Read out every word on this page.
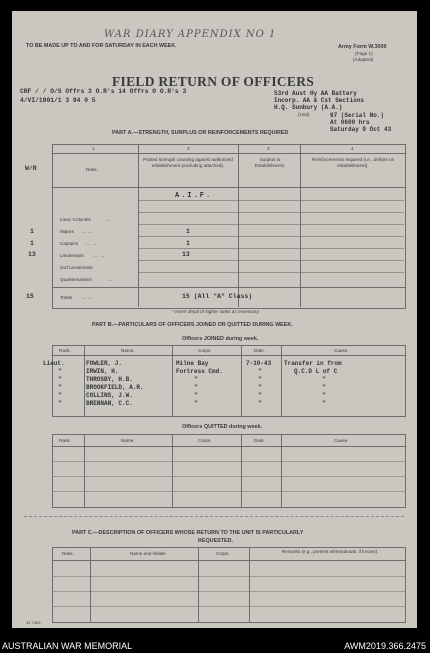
WAR DIARY APPENDIX NO 1
TO BE MADE UP TO AND FOR SATURDAY IN EACH WEEK.	Army Form W.3009
(Page 1)
(Adapted)
FIELD RETURN OF OFFICERS
CRF / / O/S Offrs 3 O.R's 14 Offrs O O.R's 3
4/VI/1901/1 3 94 0 5
53rd Aust Hy AA Battery
Incorp. AA & Cst Sections
H.Q. Sunbury (A.A.)
(Unit)	97 (Serial No.)
At 0600 hrs
Saturday 9 Oct 43
PART A.—STRENGTH, SURPLUS OR REINFORCEMENTS REQUIRED
1	2	3	4
Rank.
Posted strength counting against authorized establishment (excluding attached).
Surplus to Establishment.
Reinforcements required (i.e., deficits on establishment).
W/R
A.I.F.
Lieut.-Colonels	...
1	Majors ...  ...	1
1	Captains ...  ...	1
13	Lieutenants ...  ...	13
2nd Lieutenants
Quartermasters	...
15	Totals ...  ...	15 (All "A" Class)
* Insert detail of higher ranks as necessary.
PART B.—PARTICULARS OF OFFICERS JOINED OR QUITTED DURING WEEK.
Officers JOINED during week.
Rank.	Name.	Corps.	Date.	Cause.
Lieut.	FOWLER, J.	Milne Bay	7-10-43 Transfer in from
"	IRWIN, H.	Fortress Cmd.	"	Q.C.D L of C
"	THROSBY, H.B.	"	"	"
"	BROOKFIELD, A.R.	"	"	"
"	COLLINS, J.W.	"	"	"
"	BRENNAN, C.C.	"	"	"
Officers QUITTED during week.
Rank.	Name.	Corps.	Date.	Cause.
PART C.—DESCRIPTION OF OFFICERS WHOSE RETURN TO THE UNIT IS PARTICULARLY
REQUESTED.
Rank.	Name and Initials.	Corps.	Remarks (e.g., present whereabouts, if known).
34 7303
AUSTRALIAN WAR MEMORIAL	AWM2019.366.2475
